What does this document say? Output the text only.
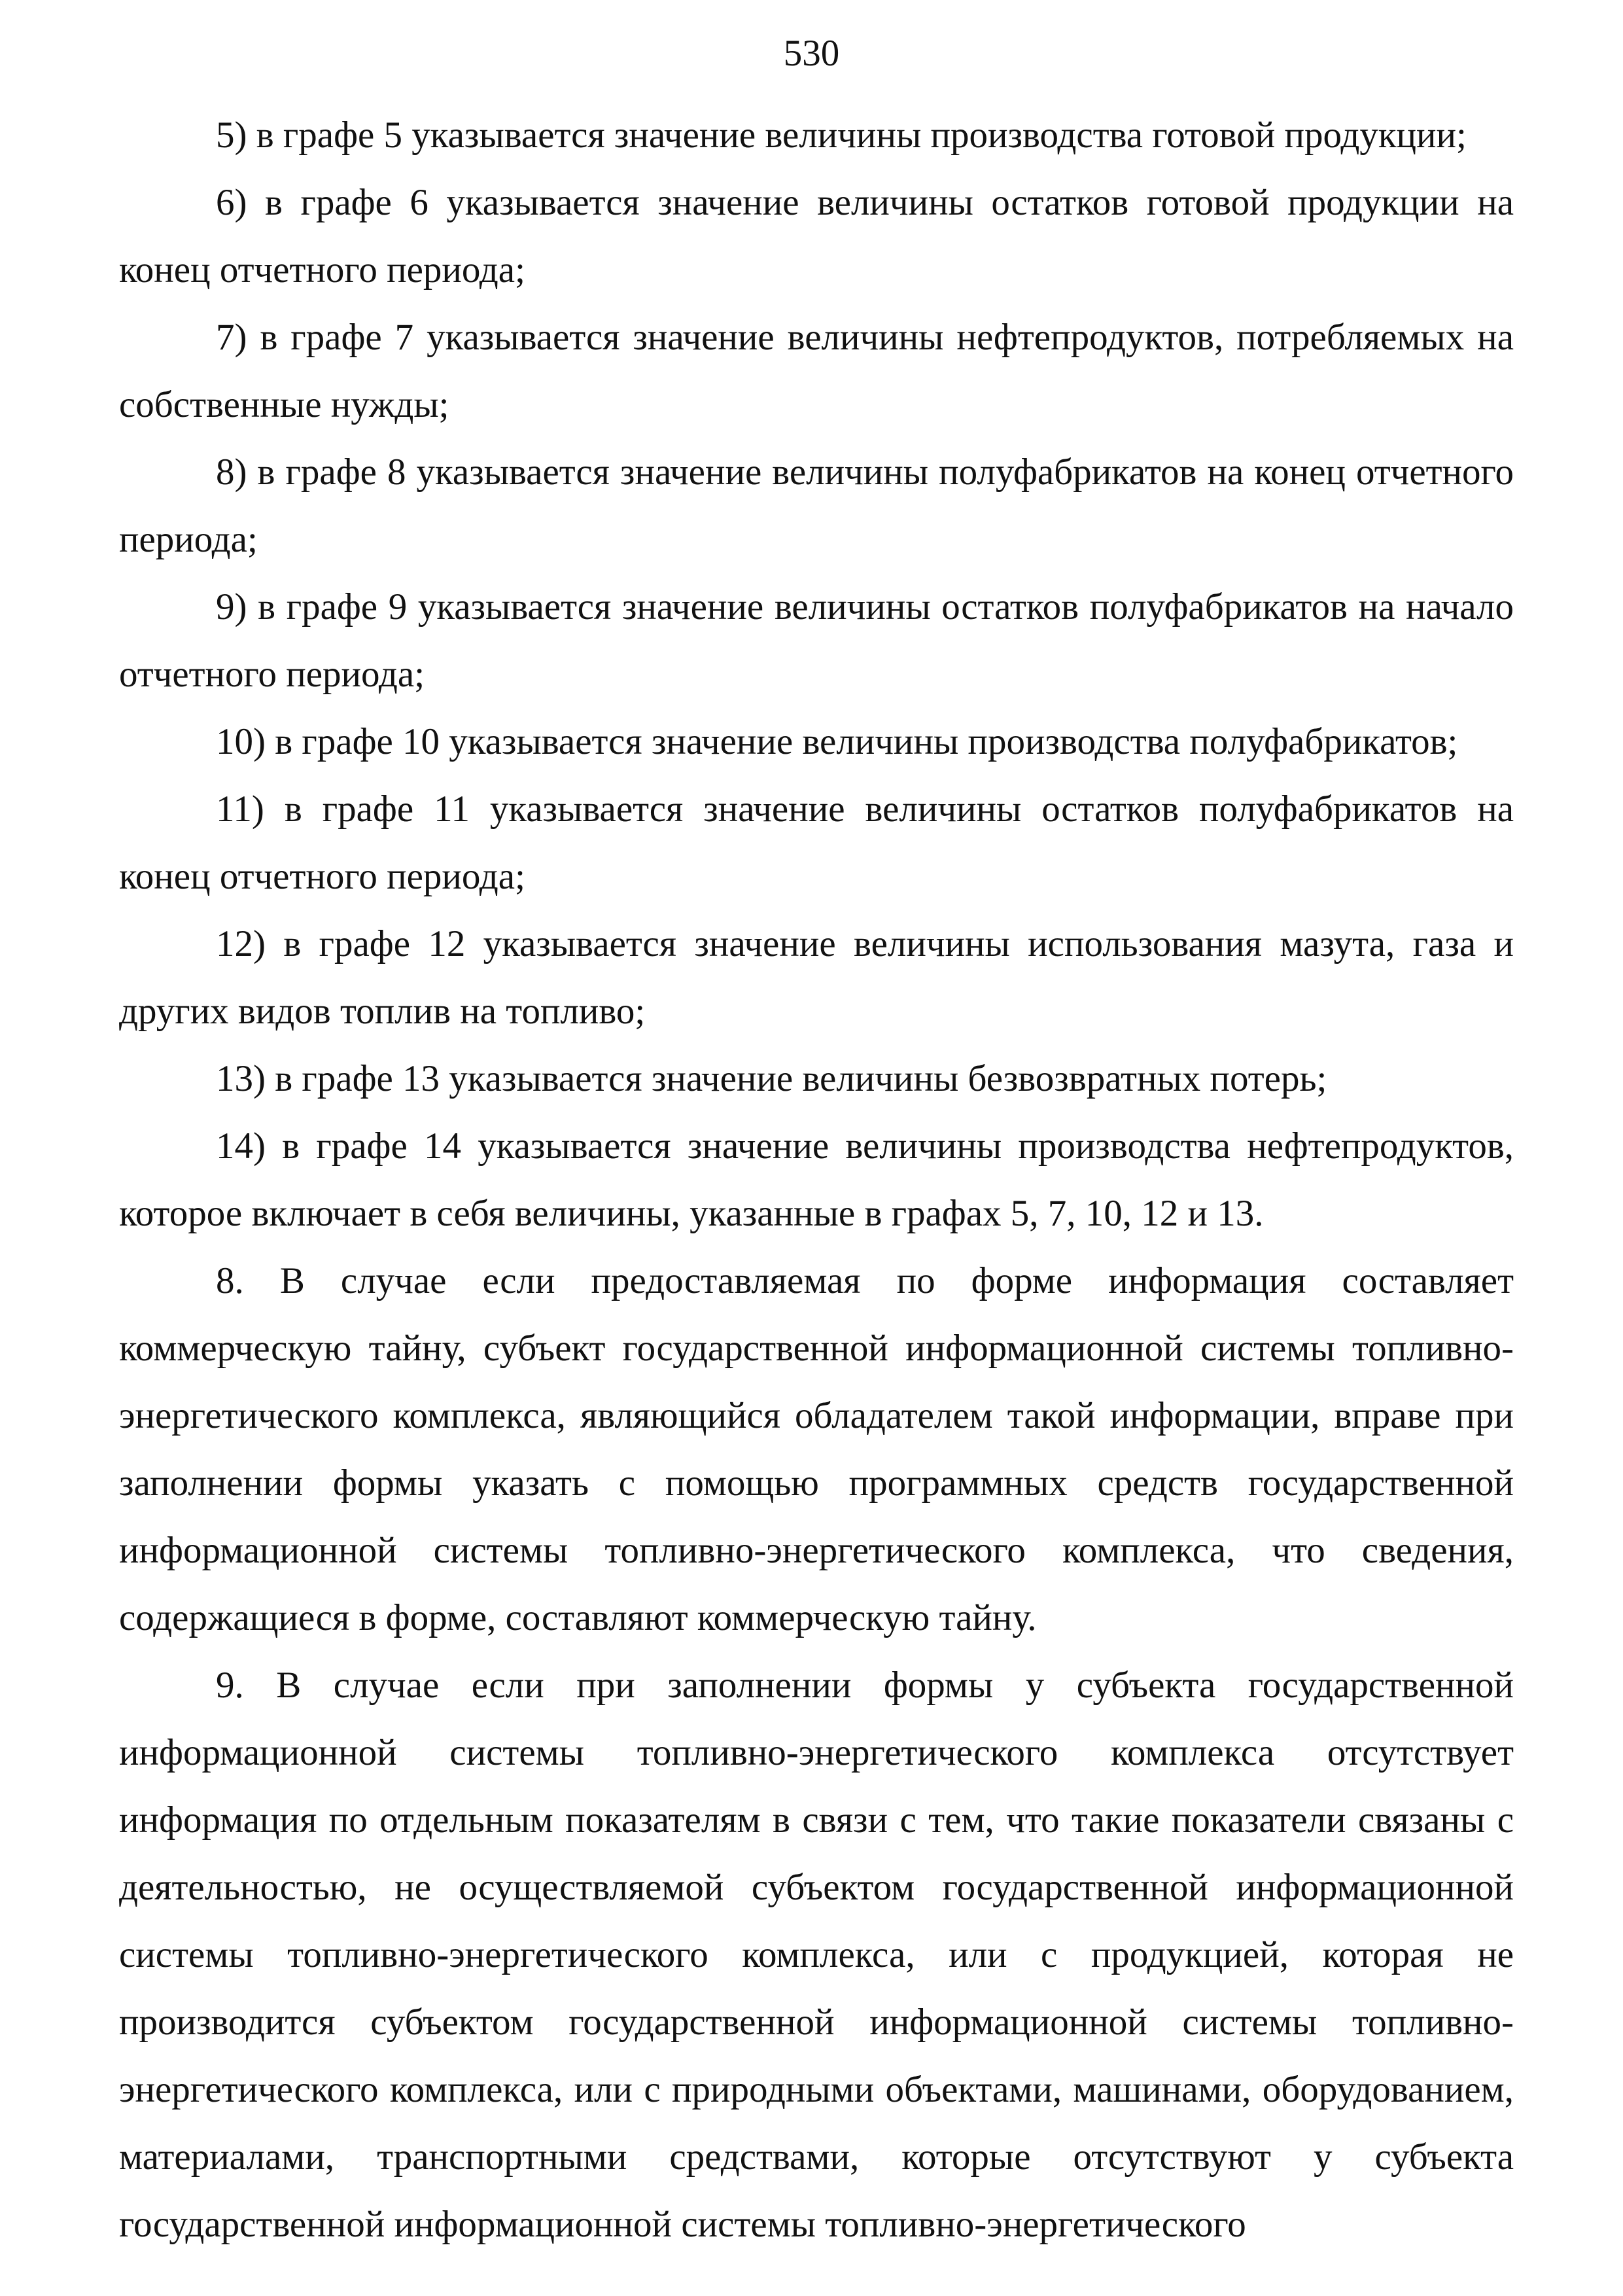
530

5) в графе 5 указывается значение величины производства готовой продукции;

6) в графе 6 указывается значение величины остатков готовой продукции на конец отчетного периода;

7) в графе 7 указывается значение величины нефтепродуктов, потребляемых на собственные нужды;

8) в графе 8 указывается значение величины полуфабрикатов на конец отчетного периода;

9) в графе 9 указывается значение величины остатков полуфабрикатов на начало отчетного периода;

10) в графе 10 указывается значение величины производства полуфабрикатов;

11) в графе 11 указывается значение величины остатков полуфабрикатов на конец отчетного периода;

12) в графе 12 указывается значение величины использования мазута, газа и других видов топлив на топливо;

13) в графе 13 указывается значение величины безвозвратных потерь;

14) в графе 14 указывается значение величины производства нефтепродуктов, которое включает в себя величины, указанные в графах 5, 7, 10, 12 и 13.

8. В случае если предоставляемая по форме информация составляет коммерческую тайну, субъект государственной информационной системы топливно-энергетического комплекса, являющийся обладателем такой информации, вправе при заполнении формы указать с помощью программных средств государственной информационной системы топливно-энергетического комплекса, что сведения, содержащиеся в форме, составляют коммерческую тайну.

9. В случае если при заполнении формы у субъекта государственной информационной системы топливно-энергетического комплекса отсутствует информация по отдельным показателям в связи с тем, что такие показатели связаны с деятельностью, не осуществляемой субъектом государственной информационной системы топливно-энергетического комплекса, или с продукцией, которая не производится субъектом государственной информационной системы топливно-энергетического комплекса, или с природными объектами, машинами, оборудованием, материалами, транспортными средствами, которые отсутствуют у субъекта государственной информационной системы топливно-энергетического
